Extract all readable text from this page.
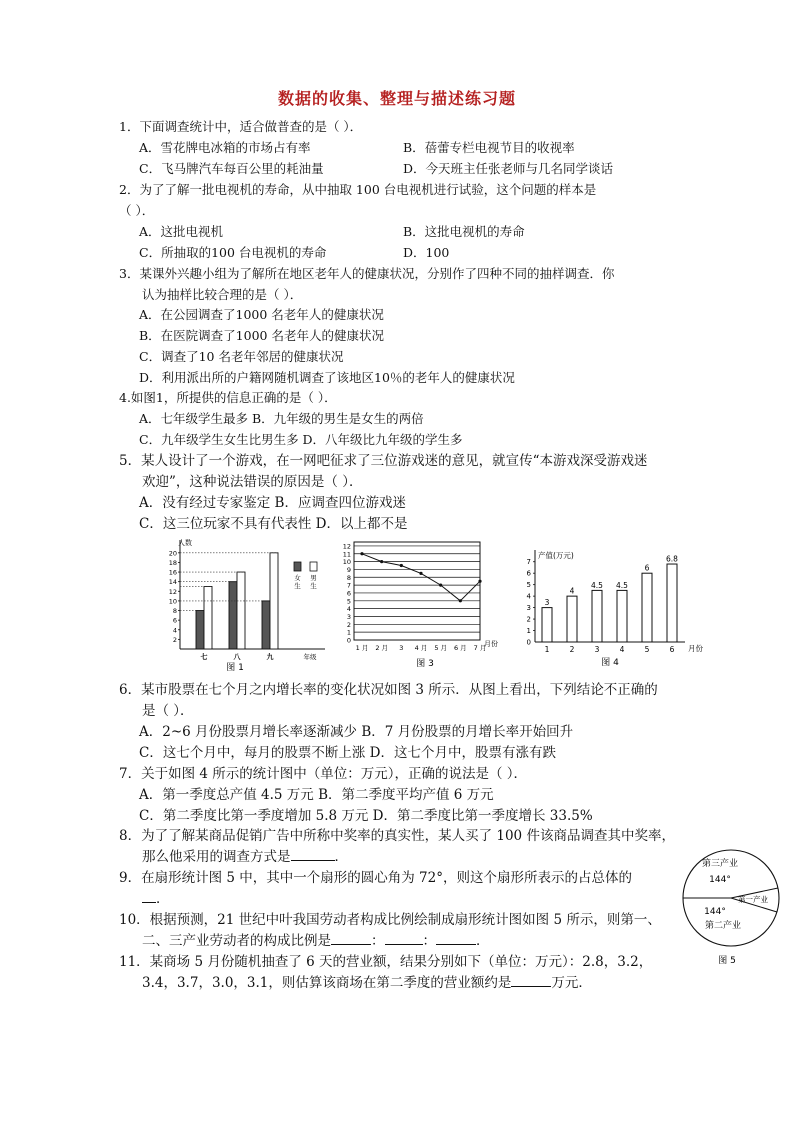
数据的收集、整理与描述练习题
1．下面调查统计中，适合做普查的是（ ）．
A．雪花牌电冰箱的市场占有率	B．蓓蕾专栏电视节目的收视率
C．飞马牌汽车每百公里的耗油量	D．今天班主任张老师与几名同学谈话
2．为了了解一批电视机的寿命，从中抽取 100 台电视机进行试验，这个问题的样本是
（ ）．
A．这批电视机	B．这批电视机的寿命
C．所抽取的100 台电视机的寿命	D．100
3．某课外兴趣小组为了解所在地区老年人的健康状况，分别作了四种不同的抽样调查．你
认为抽样比较合理的是（ ）．
A．在公园调查了1000 名老年人的健康状况
B．在医院调查了1000 名老年人的健康状况
C．调查了10 名老年邻居的健康状况
D．利用派出所的户籍网随机调查了该地区10％的老年人的健康状况
4.如图1，所提供的信息正确的是（ ）．
A．七年级学生最多 B．九年级的男生是女生的两倍
C．九年级学生女生比男生多 D．八年级比九年级的学生多
5．某人设计了一个游戏，在一网吧征求了三位游戏迷的意见，就宣传“本游戏深受游戏迷
欢迎”，这种说法错误的原因是（ ）．
A．没有经过专家鉴定 B．应调查四位游戏迷
C．这三位玩家不具有代表性 D．以上都不是
人数
2
4
6
8
10
12
14
16
18
20
七	八	九	年级
女
生
男
生
图 1
1
2
3
4
5
6
7
8
9
10
11
12
0
1 月 2 月 3 4 月 5 月 6 月 7 月
月份
图 3
产值(万元)
1
2
3
4
5
6
7
0
3
1
4
2
4.5
3
4.5
4
6
5
6.8
6 月份
图 4
6．某市股票在七个月之内增长率的变化状况如图 3 所示．从图上看出，下列结论不正确的
是（ ）．
A．2~6 月份股票月增长率逐渐减少 B．7 月份股票的月增长率开始回升
C．这七个月中，每月的股票不断上涨 D．这七个月中，股票有涨有跌
7．关于如图 4 所示的统计图中（单位：万元），正确的说法是（ ）．
A．第一季度总产值 4.5 万元 B．第二季度平均产值 6 万元
C．第二季度比第一季度增加 5.8 万元 D．第二季度比第一季度增长 33.5%
8．为了了解某商品促销广告中所称中奖率的真实性，某人买了 100 件该商品调查其中奖率，
那么他采用的调查方式是	．
9．在扇形统计图 5 中，其中一个扇形的圆心角为 72°，则这个扇形所表示的占总体的
．
10．根据预测，21 世纪中叶我国劳动者构成比例绘制成扇形统计图如图 5 所示，则第一、
二、三产业劳动者的构成比例是	：	：	．
第三产业
144°
第一产业
144°
第二产业
图 5
11．某商场 5 月份随机抽查了 6 天的营业额，结果分别如下（单位：万元）：2.8，3.2，
3.4，3.7，3.0，3.1，则估算该商场在第二季度的营业额约是	万元．
